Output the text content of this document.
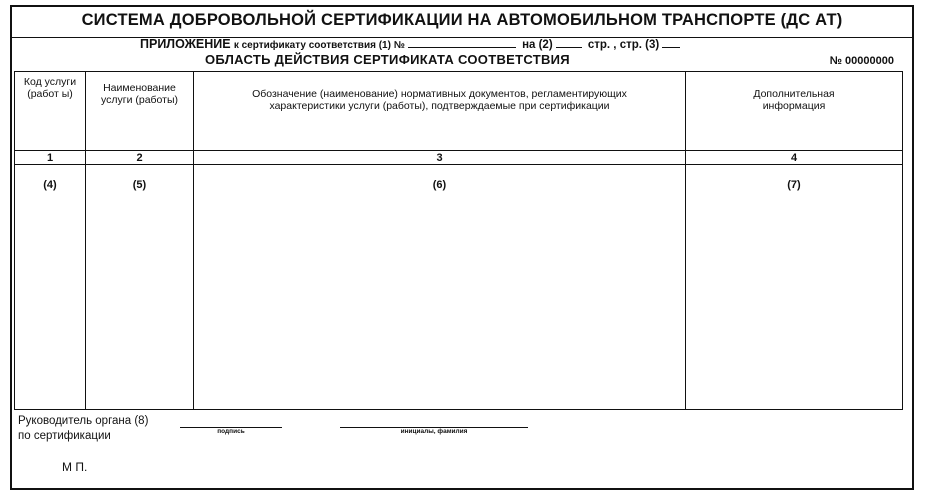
СИСТЕМА ДОБРОВОЛЬНОЙ СЕРТИФИКАЦИИ НА АВТОМОБИЛЬНОМ ТРАНСПОРТЕ (ДС АТ)
ПРИЛОЖЕНИЕ к сертификату соответствия (1) №	на (2)	стр. , стр. (3)
ОБЛАСТЬ ДЕЙСТВИЯ СЕРТИФИКАТА СООТВЕТСТВИЯ	№ 00000000
Код услуги (работ ы)	Наименование услуги (работы)	Обозначение (наименование) нормативных документов, регламентирующих характеристики услуги (работы), подтверждаемые при сертификации	Дополнительная информация
1	2	3	4
(4)	(5)	(6)	(7)
Руководитель органа (8)
по сертификации	подпись	инициалы, фамилия
М П.
